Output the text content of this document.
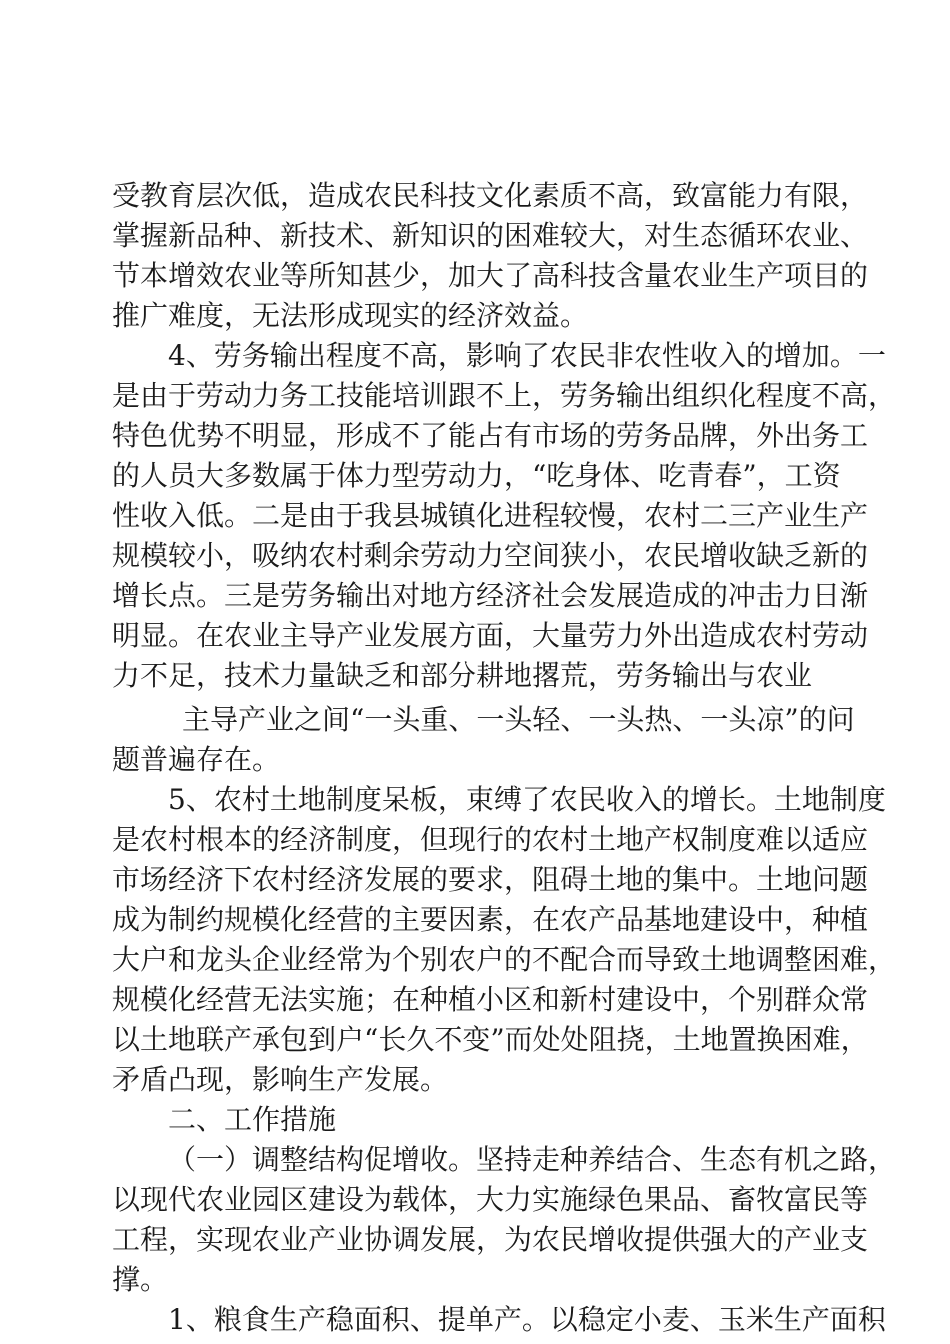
受教育层次低，造成农民科技文化素质不高，致富能力有限，
掌握新品种、新技术、新知识的困难较大，对生态循环农业、
节本增效农业等所知甚少，加大了高科技含量农业生产项目的
推广难度，无法形成现实的经济效益。
4、劳务输出程度不高，影响了农民非农性收入的增加。一
是由于劳动力务工技能培训跟不上，劳务输出组织化程度不高，
特色优势不明显，形成不了能占有市场的劳务品牌，外出务工
的人员大多数属于体力型劳动力，“吃身体、吃青春”，工资
性收入低。二是由于我县城镇化进程较慢，农村二三产业生产
规模较小，吸纳农村剩余劳动力空间狭小，农民增收缺乏新的
增长点。三是劳务输出对地方经济社会发展造成的冲击力日渐
明显。在农业主导产业发展方面，大量劳力外出造成农村劳动
力不足，技术力量缺乏和部分耕地撂荒，劳务输出与农业
主导产业之间“一头重、一头轻、一头热、一头凉”的问
题普遍存在。
5、农村土地制度呆板，束缚了农民收入的增长。土地制度
是农村根本的经济制度，但现行的农村土地产权制度难以适应
市场经济下农村经济发展的要求，阻碍土地的集中。土地问题
成为制约规模化经营的主要因素，在农产品基地建设中，种植
大户和龙头企业经常为个别农户的不配合而导致土地调整困难，
规模化经营无法实施；在种植小区和新村建设中，个别群众常
以土地联产承包到户“长久不变”而处处阻挠，土地置换困难，
矛盾凸现，影响生产发展。
二、工作措施
（一）调整结构促增收。坚持走种养结合、生态有机之路，
以现代农业园区建设为载体，大力实施绿色果品、畜牧富民等
工程，实现农业产业协调发展，为农民增收提供强大的产业支
撑。
1、粮食生产稳面积、提单产。以稳定小麦、玉米生产面积
